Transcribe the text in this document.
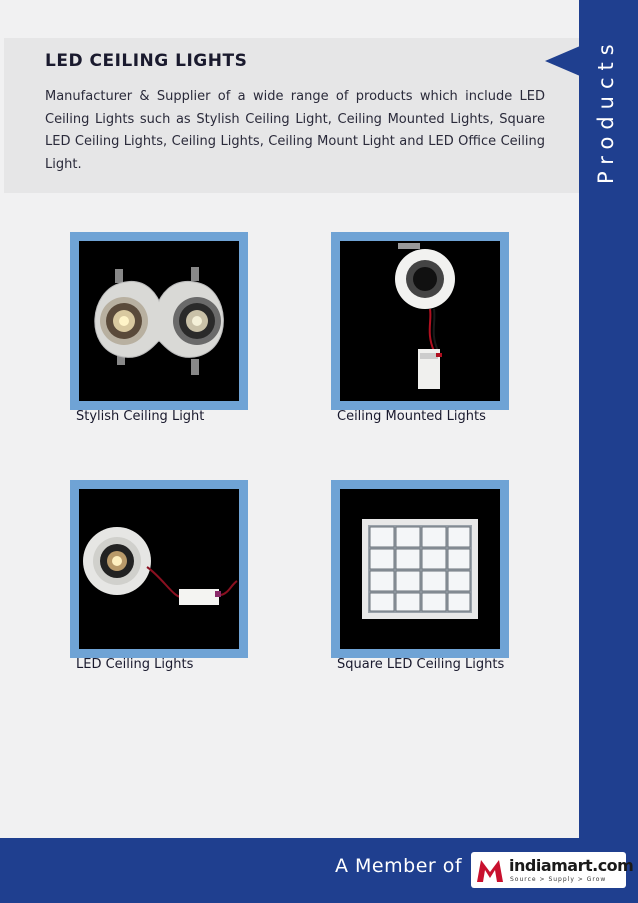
LED CEILING LIGHTS
Manufacturer & Supplier of a wide range of products which include LED Ceiling Lights such as Stylish Ceiling Light, Ceiling Mounted Lights, Square LED Ceiling Lights, Ceiling Lights, Ceiling Mount Light and LED Office Ceiling Light.	Products
Stylish Ceiling Light	Ceiling Mounted Lights
LED Ceiling Lights	Square LED Ceiling Lights
A Member of	indiamart.com
Source > Supply > Grow
